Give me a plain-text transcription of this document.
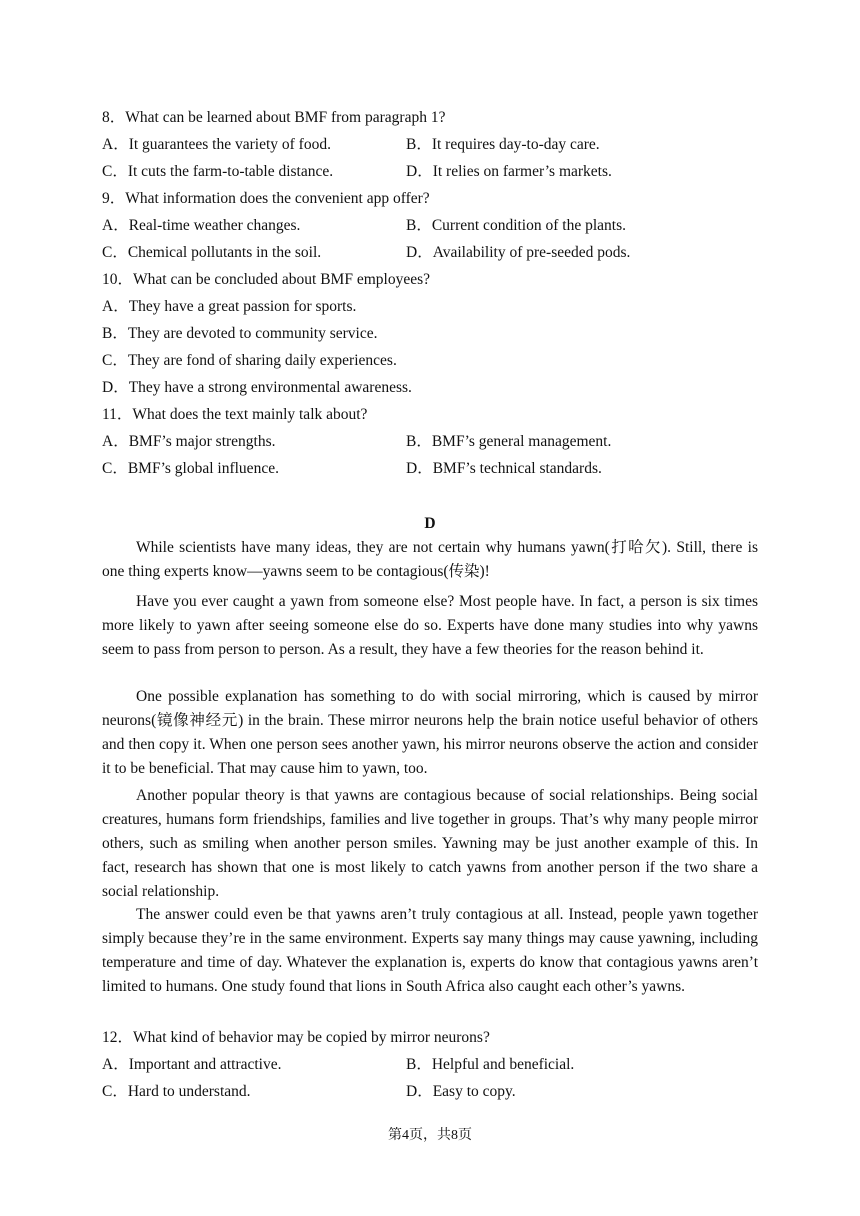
8．What can be learned about BMF from paragraph 1?
A．It guarantees the variety of food.	B．It requires day-to-day care.
C．It cuts the farm-to-table distance.	D．It relies on farmer’s markets.
9．What information does the convenient app offer?
A．Real-time weather changes.	B．Current condition of the plants.
C．Chemical pollutants in the soil.	D．Availability of pre-seeded pods.
10．What can be concluded about BMF employees?
A．They have a great passion for sports.
B．They are devoted to community service.
C．They are fond of sharing daily experiences.
D．They have a strong environmental awareness.
11．What does the text mainly talk about?
A．BMF’s major strengths.	B．BMF’s general management.
C．BMF’s global influence.	D．BMF’s technical standards.
D

While scientists have many ideas, they are not certain why humans yawn(打哈欠). Still, there is one thing experts know—yawns seem to be contagious(传染)!

Have you ever caught a yawn from someone else? Most people have. In fact, a person is six times more likely to yawn after seeing someone else do so. Experts have done many studies into why yawns seem to pass from person to person. As a result, they have a few theories for the reason behind it.

One possible explanation has something to do with social mirroring, which is caused by mirror neurons(镜像神经元) in the brain. These mirror neurons help the brain notice useful behavior of others and then copy it. When one person sees another yawn, his mirror neurons observe the action and consider it to be beneficial. That may cause him to yawn, too.

Another popular theory is that yawns are contagious because of social relationships. Being social creatures, humans form friendships, families and live together in groups. That’s why many people mirror others, such as smiling when another person smiles. Yawning may be just another example of this. In fact, research has shown that one is most likely to catch yawns from another person if the two share a social relationship.

The answer could even be that yawns aren’t truly contagious at all. Instead, people yawn together simply because they’re in the same environment. Experts say many things may cause yawning, including temperature and time of day. Whatever the explanation is, experts do know that contagious yawns aren’t limited to humans. One study found that lions in South Africa also caught each other’s yawns.

12．What kind of behavior may be copied by mirror neurons?
A．Important and attractive.	B．Helpful and beneficial.
C．Hard to understand.	D．Easy to copy.
第4页，共8页
